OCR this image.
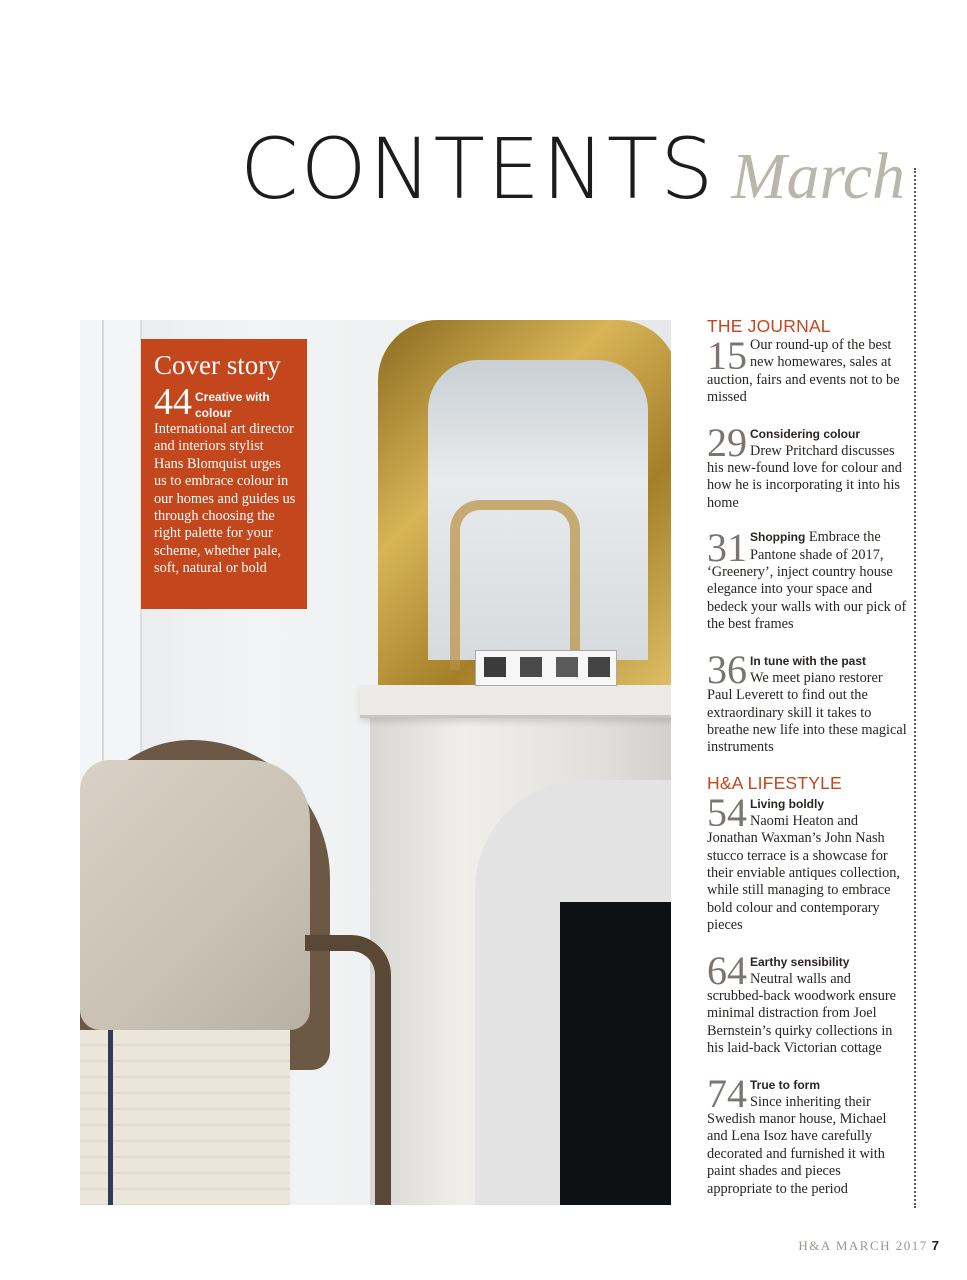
CONTENTS March
Cover story
44 Creative with colour
International art director and interiors stylist Hans Blomquist urges us to embrace colour in our homes and guides us through choosing the right palette for your scheme, whether pale, soft, natural or bold
THE JOURNAL
15 Our round-up of the best new homewares, sales at auction, fairs and events not to be missed
29 Considering colour
Drew Pritchard discusses his new-found love for colour and how he is incorporating it into his home
31 Shopping Embrace the Pantone shade of 2017, ‘Greenery’, inject country house elegance into your space and bedeck your walls with our pick of the best frames
36 In tune with the past
We meet piano restorer Paul Leverett to find out the extraordinary skill it takes to breathe new life into these magical instruments
H&A LIFESTYLE
54 Living boldly
Naomi Heaton and Jonathan Waxman’s John Nash stucco terrace is a showcase for their enviable antiques collection, while still managing to embrace bold colour and contemporary pieces
64 Earthy sensibility
Neutral walls and scrubbed-back woodwork ensure minimal distraction from Joel Bernstein’s quirky collections in his laid-back Victorian cottage
74 True to form
Since inheriting their Swedish manor house, Michael and Lena Isoz have carefully decorated and furnished it with paint shades and pieces appropriate to the period
H&A MARCH 2017 7
